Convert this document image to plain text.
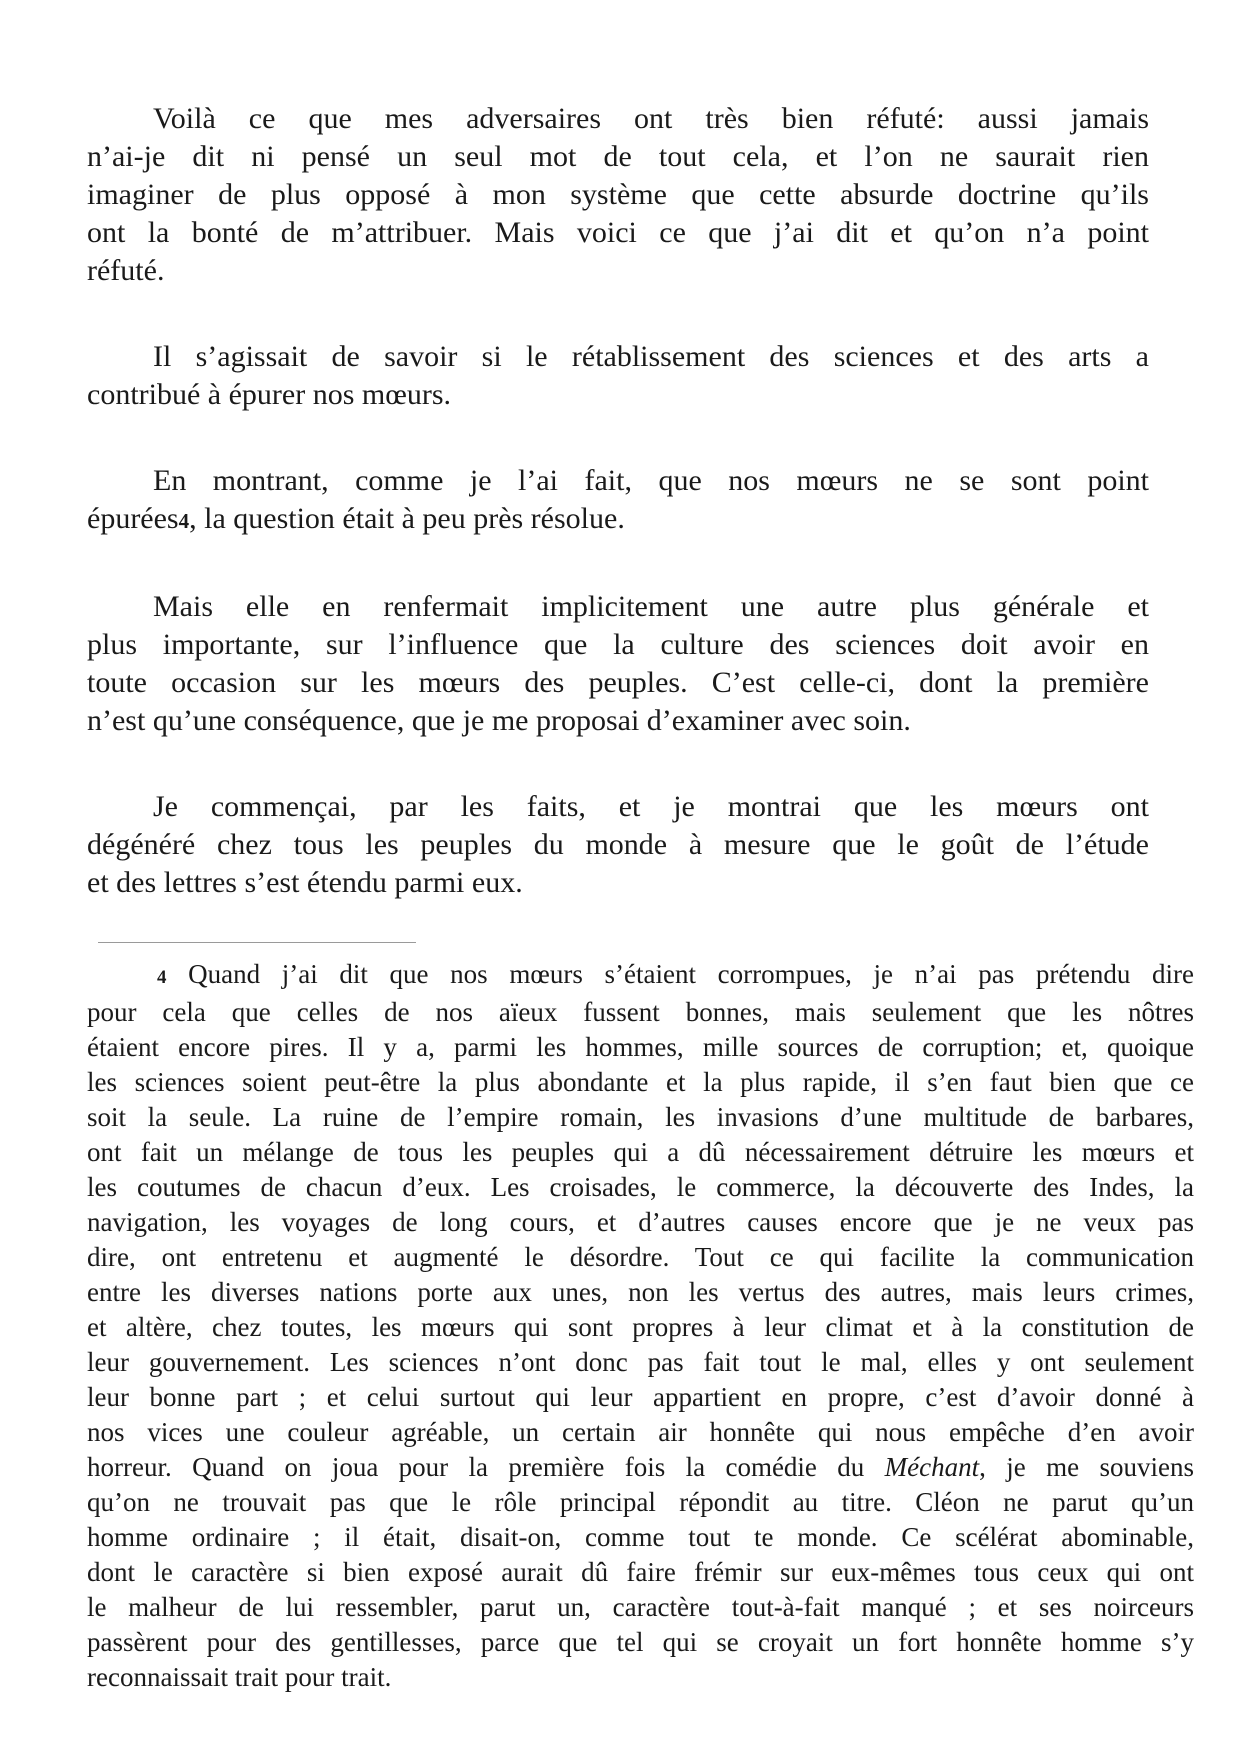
Voilà ce que mes adversaires ont très bien réfuté: aussi jamais
n’ai-je dit ni pensé un seul mot de tout cela, et l’on ne saurait rien
imaginer de plus opposé à mon système que cette absurde doctrine qu’ils
ont la bonté de m’attribuer. Mais voici ce que j’ai dit et qu’on n’a point
réfuté.
Il s’agissait de savoir si le rétablissement des sciences et des arts a
contribué à épurer nos mœurs.
En montrant, comme je l’ai fait, que nos mœurs ne se sont point
épurées4, la question était à peu près résolue.
Mais elle en renfermait implicitement une autre plus générale et
plus importante, sur l’influence que la culture des sciences doit avoir en
toute occasion sur les mœurs des peuples. C’est celle-ci, dont la première
n’est qu’une conséquence, que je me proposai d’examiner avec soin.
Je commençai, par les faits, et je montrai que les mœurs ont
dégénéré chez tous les peuples du monde à mesure que le goût de l’étude
et des lettres s’est étendu parmi eux.
4 Quand j’ai dit que nos mœurs s’étaient corrompues, je n’ai pas prétendu dire
pour cela que celles de nos aïeux fussent bonnes, mais seulement que les nôtres
étaient encore pires. Il y a, parmi les hommes, mille sources de corruption; et, quoique
les sciences soient peut-être la plus abondante et la plus rapide, il s’en faut bien que ce
soit la seule. La ruine de l’empire romain, les invasions d’une multitude de barbares,
ont fait un mélange de tous les peuples qui a dû nécessairement détruire les mœurs et
les coutumes de chacun d’eux. Les croisades, le commerce, la découverte des Indes, la
navigation, les voyages de long cours, et d’autres causes encore que je ne veux pas
dire, ont entretenu et augmenté le désordre. Tout ce qui facilite la communication
entre les diverses nations porte aux unes, non les vertus des autres, mais leurs crimes,
et altère, chez toutes, les mœurs qui sont propres à leur climat et à la constitution de
leur gouvernement. Les sciences n’ont donc pas fait tout le mal, elles y ont seulement
leur bonne part ; et celui surtout qui leur appartient en propre, c’est d’avoir donné à
nos vices une couleur agréable, un certain air honnête qui nous empêche d’en avoir
horreur. Quand on joua pour la première fois la comédie du Méchant, je me souviens
qu’on ne trouvait pas que le rôle principal répondit au titre. Cléon ne parut qu’un
homme ordinaire ; il était, disait-on, comme tout te monde. Ce scélérat abominable,
dont le caractère si bien exposé aurait dû faire frémir sur eux-mêmes tous ceux qui ont
le malheur de lui ressembler, parut un, caractère tout-à-fait manqué ; et ses noirceurs
passèrent pour des gentillesses, parce que tel qui se croyait un fort honnête homme s’y
reconnaissait trait pour trait.
